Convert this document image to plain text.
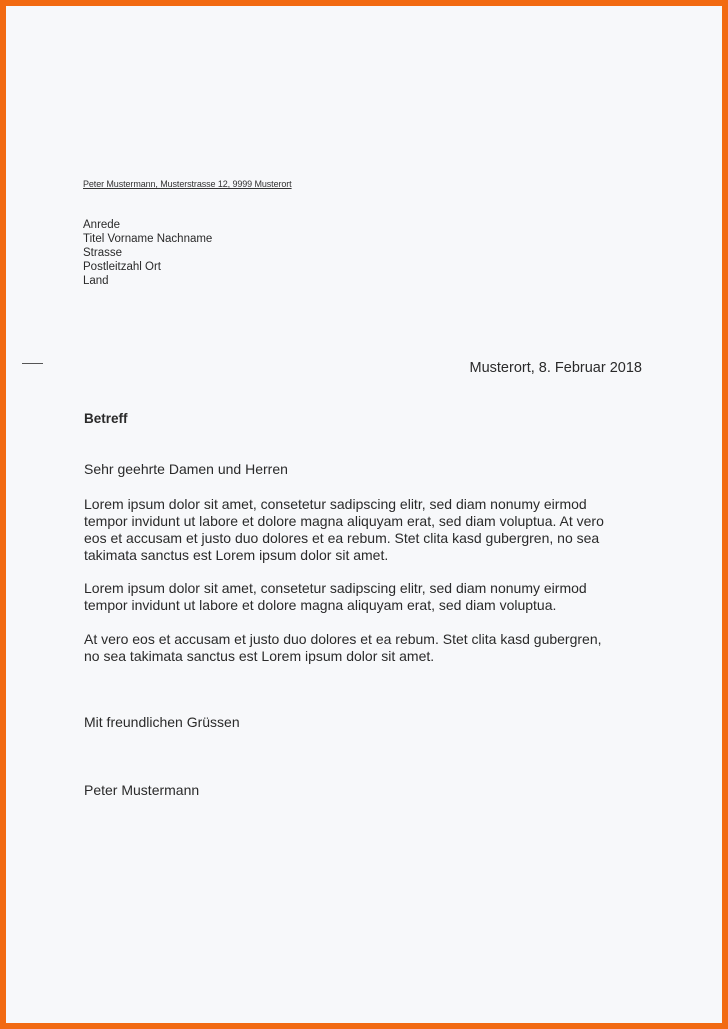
Peter Mustermann, Musterstrasse 12, 9999 Musterort
Anrede
Titel Vorname Nachname
Strasse
Postleitzahl Ort
Land
Musterort, 8. Februar 2018
Betreff
Sehr geehrte Damen und Herren
Lorem ipsum dolor sit amet, consetetur sadipscing elitr, sed diam nonumy eirmod
tempor invidunt ut labore et dolore magna aliquyam erat, sed diam voluptua. At vero
eos et accusam et justo duo dolores et ea rebum. Stet clita kasd gubergren, no sea
takimata sanctus est Lorem ipsum dolor sit amet.
Lorem ipsum dolor sit amet, consetetur sadipscing elitr, sed diam nonumy eirmod
tempor invidunt ut labore et dolore magna aliquyam erat, sed diam voluptua.
At vero eos et accusam et justo duo dolores et ea rebum. Stet clita kasd gubergren,
no sea takimata sanctus est Lorem ipsum dolor sit amet.
Mit freundlichen Grüssen
Peter Mustermann
